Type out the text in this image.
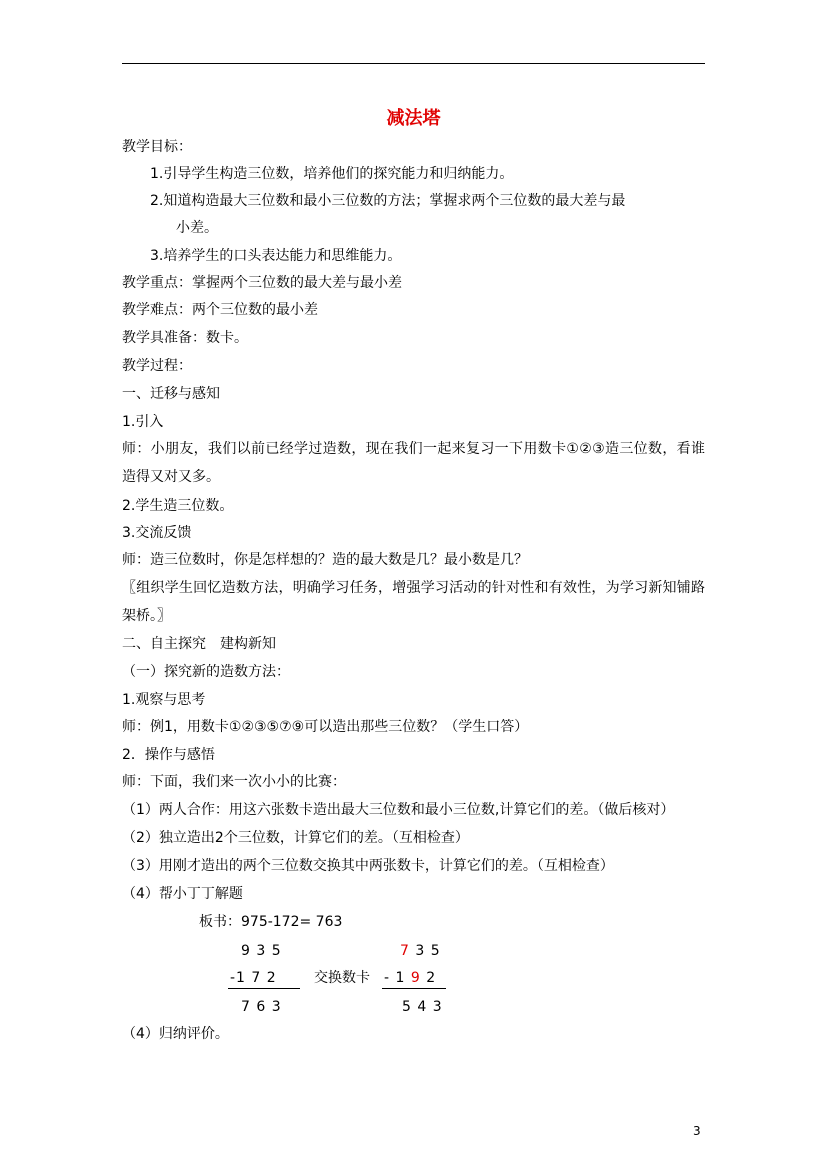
减法塔
教学目标：
1.引导学生构造三位数，培养他们的探究能力和归纳能力。
2.知道构造最大三位数和最小三位数的方法；掌握求两个三位数的最大差与最
小差。
3.培养学生的口头表达能力和思维能力。
教学重点：掌握两个三位数的最大差与最小差
教学难点：两个三位数的最小差
教学具准备：数卡。
教学过程：
一、迁移与感知
1.引入
师：小朋友，我们以前已经学过造数，现在我们一起来复习一下用数卡①②③造三位数，看谁造得又对又多。
2.学生造三位数。
3.交流反馈
师：造三位数时，你是怎样想的？造的最大数是几？最小数是几？
〖组织学生回忆造数方法，明确学习任务，增强学习活动的针对性和有效性，为学习新知铺路架桥。〗
二、自主探究　建构新知
（一）探究新的造数方法：
1.观察与思考
师：例1，用数卡①②③⑤⑦⑨可以造出那些三位数？（学生口答）
2．操作与感悟
师：下面，我们来一次小小的比赛：
（1）两人合作：用这六张数卡造出最大三位数和最小三位数,计算它们的差。（做后核对）
（2）独立造出2个三位数，计算它们的差。（互相检查）
（3）用刚才造出的两个三位数交换其中两张数卡，计算它们的差。（互相检查）
（4）帮小丁丁解题
板书：975-172= 763
9 3 5
-1 7 2
7 6 3
交换数卡
7 3 5
- 1 9 2
5 4 3
（4）归纳评价。
3
